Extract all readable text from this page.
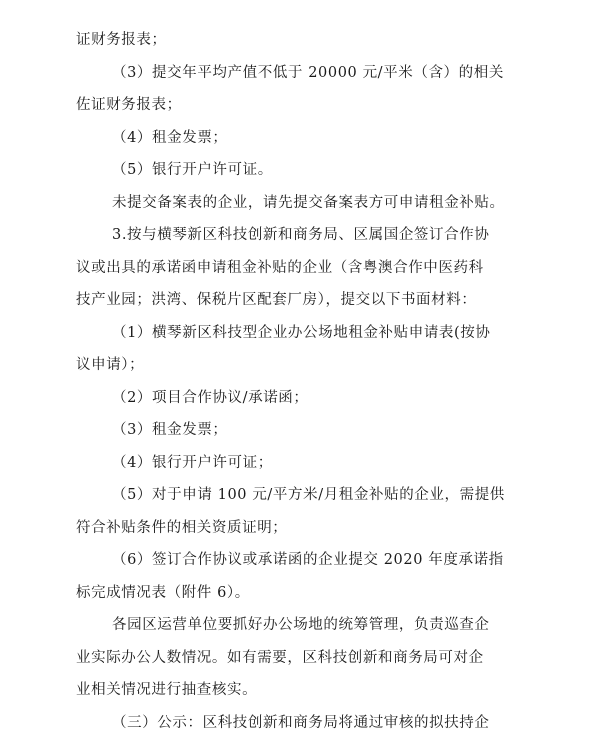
证财务报表；
（3）提交年平均产值不低于 20000 元/平米（含）的相关
佐证财务报表；
（4）租金发票；
（5）银行开户许可证。
未提交备案表的企业，请先提交备案表方可申请租金补贴。
3.按与横琴新区科技创新和商务局、区属国企签订合作协
议或出具的承诺函申请租金补贴的企业（含粤澳合作中医药科
技产业园；洪湾、保税片区配套厂房），提交以下书面材料：
（1）横琴新区科技型企业办公场地租金补贴申请表(按协
议申请）；
（2）项目合作协议/承诺函；
（3）租金发票；
（4）银行开户许可证；
（5）对于申请 100 元/平方米/月租金补贴的企业，需提供
符合补贴条件的相关资质证明；
（6）签订合作协议或承诺函的企业提交 2020 年度承诺指
标完成情况表（附件 6）。
各园区运营单位要抓好办公场地的统筹管理，负责巡查企
业实际办公人数情况。如有需要，区科技创新和商务局可对企
业相关情况进行抽查核实。
（三）公示：区科技创新和商务局将通过审核的拟扶持企
